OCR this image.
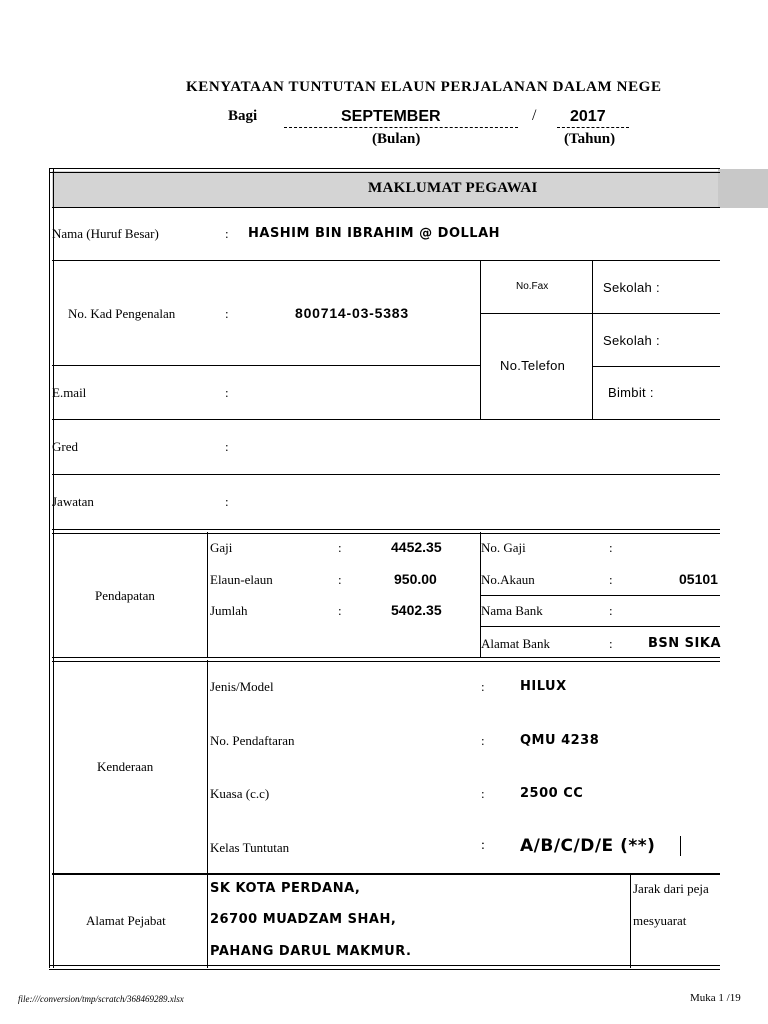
KENYATAAN TUNTUTAN ELAUN PERJALANAN DALAM NEGE
Bagi	SEPTEMBER	/ 2017
(Bulan)	(Tahun)
MAKLUMAT PEGAWAI
Nama (Huruf Besar)	: HASHIM BIN IBRAHIM @ DOLLAH
No. Kad Pengenalan	:	800714-03-5383
No.Fax	Sekolah :
No.Telefon
Sekolah :
Bimbit :
E.mail	:
Gred	:
Jawatan	:
Pendapatan
Gaji	:	4452.35
Elaun-elaun	:	950.00
Jumlah	:	5402.35
No. Gaji	:
No.Akaun	:	05101
Nama Bank	:
Alamat Bank	:	BSN SIKA
Kenderaan
Jenis/Model	:	HILUX
No. Pendaftaran	:	QMU 4238
Kuasa (c.c)	:	2500 CC
Kelas Tuntutan	: A/B/C/D/E (**)
Alamat Pejabat
SK KOTA PERDANA,
26700 MUADZAM SHAH,
PAHANG DARUL MAKMUR.
Jarak dari peja
mesyuarat
file:///conversion/tmp/scratch/368469289.xlsx	Muka 1 /19
